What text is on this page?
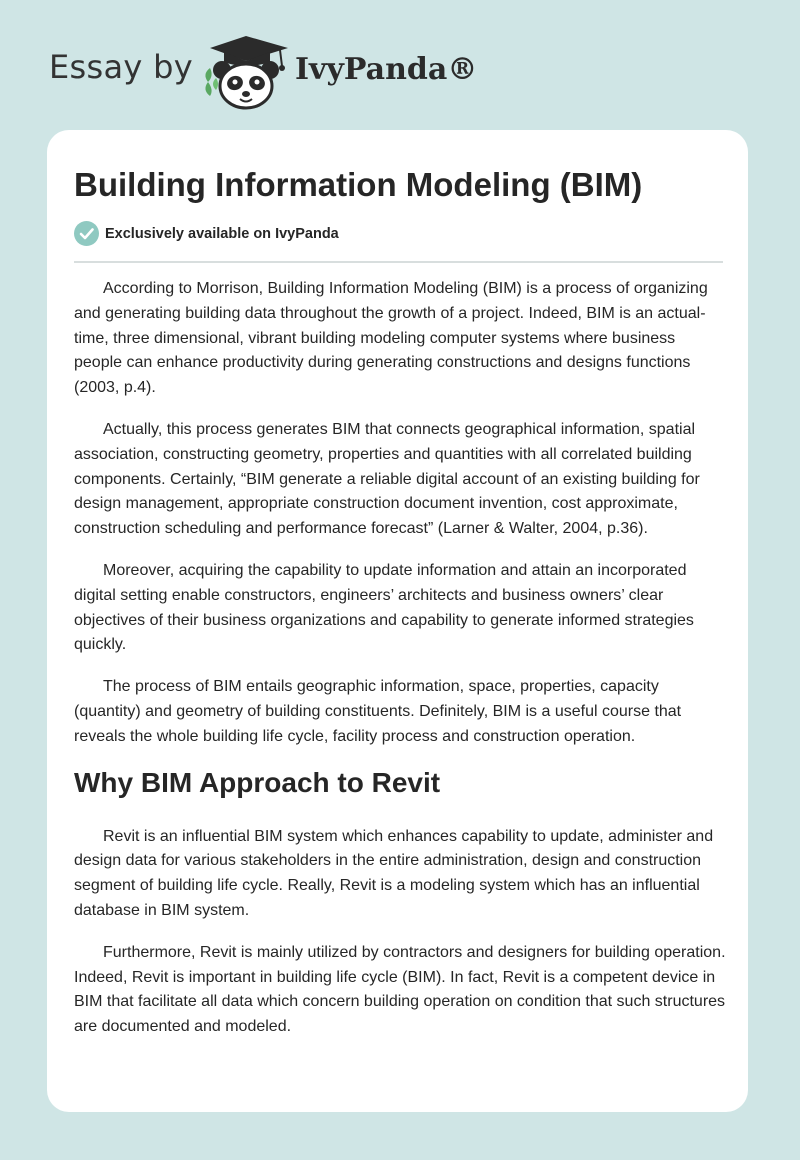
Essay by	IvyPanda®
Building Information Modeling (BIM)
Exclusively available on IvyPanda

According to Morrison, Building Information Modeling (BIM) is a process of organizing and generating building data throughout the growth of a project. Indeed, BIM is an actual-time, three dimensional, vibrant building modeling computer systems where business people can enhance productivity during generating constructions and designs functions (2003, p.4).

Actually, this process generates BIM that connects geographical information, spatial association, constructing geometry, properties and quantities with all correlated building components. Certainly, “BIM generate a reliable digital account of an existing building for design management, appropriate construction document invention, cost approximate, construction scheduling and performance forecast” (Larner & Walter, 2004, p.36).

Moreover, acquiring the capability to update information and attain an incorporated digital setting enable constructors, engineers’ architects and business owners’ clear objectives of their business organizations and capability to generate informed strategies quickly.

The process of BIM entails geographic information, space, properties, capacity (quantity) and geometry of building constituents. Definitely, BIM is a useful course that reveals the whole building life cycle, facility process and construction operation.

Why BIM Approach to Revit

Revit is an influential BIM system which enhances capability to update, administer and design data for various stakeholders in the entire administration, design and construction segment of building life cycle. Really, Revit is a modeling system which has an influential database in BIM system.

Furthermore, Revit is mainly utilized by contractors and designers for building operation. Indeed, Revit is important in building life cycle (BIM). In fact, Revit is a competent device in BIM that facilitate all data which concern building operation on condition that such structures are documented and modeled.
